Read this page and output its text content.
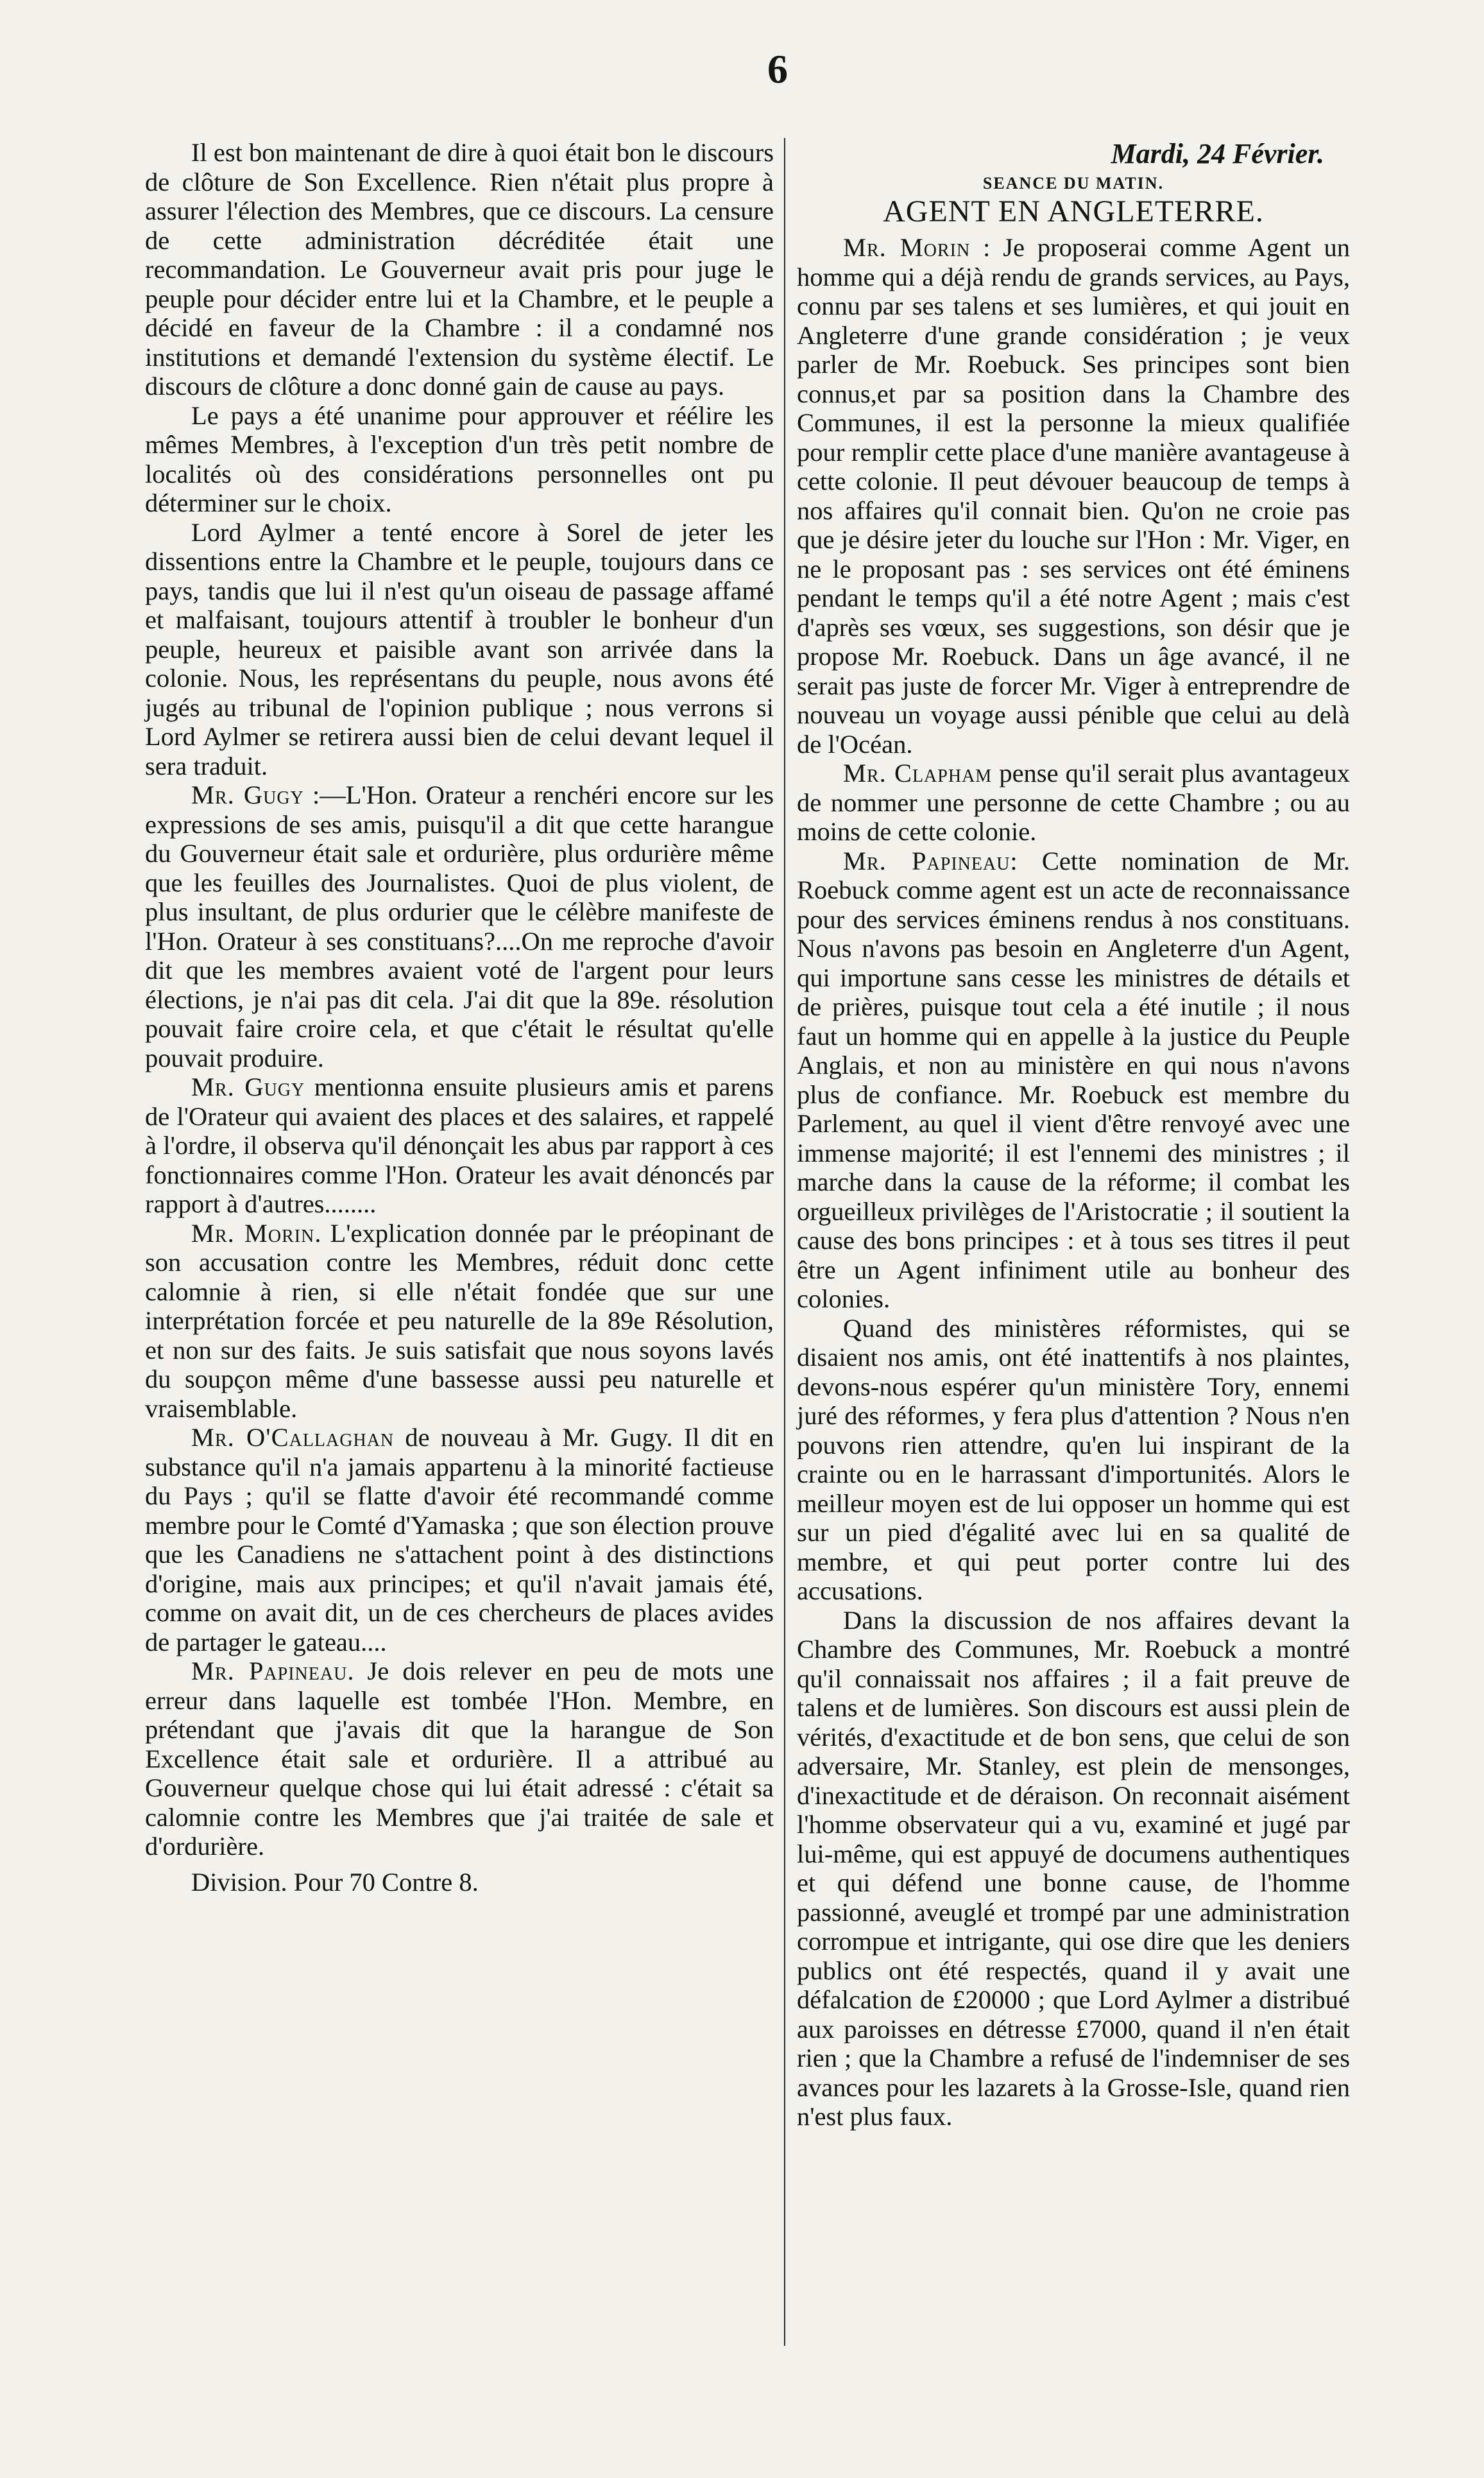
6

Il est bon maintenant de dire à quoi était bon le discours de clôture de Son Excellence. Rien n'était plus propre à assurer l'élection des Membres, que ce discours. La censure de cette administration décréditée était une recommandation. Le Gouverneur avait pris pour juge le peuple pour décider entre lui et la Chambre, et le peuple a décidé en faveur de la Chambre : il a condamné nos institutions et demandé l'extension du système électif. Le discours de clôture a donc donné gain de cause au pays.

Le pays a été unanime pour approuver et réélire les mêmes Membres, à l'exception d'un très petit nombre de localités où des considérations personnelles ont pu déterminer sur le choix.

Lord Aylmer a tenté encore à Sorel de jeter les dissentions entre la Chambre et le peuple, toujours dans ce pays, tandis que lui il n'est qu'un oiseau de passage affamé et malfaisant, toujours attentif à troubler le bonheur d'un peuple, heureux et paisible avant son arrivée dans la colonie. Nous, les représentans du peuple, nous avons été jugés au tribunal de l'opinion publique ; nous verrons si Lord Aylmer se retirera aussi bien de celui devant lequel il sera traduit.

Mr. Gugy :—L'Hon. Orateur a renchéri encore sur les expressions de ses amis, puisqu'il a dit que cette harangue du Gouverneur était sale et ordurière, plus ordurière même que les feuilles des Journalistes. Quoi de plus violent, de plus insultant, de plus ordurier que le célèbre manifeste de l'Hon. Orateur à ses constituans?....On me reproche d'avoir dit que les membres avaient voté de l'argent pour leurs élections, je n'ai pas dit cela. J'ai dit que la 89e. résolution pouvait faire croire cela, et que c'était le résultat qu'elle pouvait produire.

Mr. Gugy mentionna ensuite plusieurs amis et parens de l'Orateur qui avaient des places et des salaires, et rappelé à l'ordre, il observa qu'il dénonçait les abus par rapport à ces fonctionnaires comme l'Hon. Orateur les avait dénoncés par rapport à d'autres........

Mr. Morin. L'explication donnée par le préopinant de son accusation contre les Membres, réduit donc cette calomnie à rien, si elle n'était fondée que sur une interprétation forcée et peu naturelle de la 89e Résolution, et non sur des faits. Je suis satisfait que nous soyons lavés du soupçon même d'une bassesse aussi peu naturelle et vraisemblable.

Mr. O'Callaghan de nouveau à Mr. Gugy. Il dit en substance qu'il n'a jamais appartenu à la minorité factieuse du Pays ; qu'il se flatte d'avoir été recommandé comme membre pour le Comté d'Yamaska ; que son élection prouve que les Canadiens ne s'attachent point à des distinctions d'origine, mais aux principes; et qu'il n'avait jamais été, comme on avait dit, un de ces chercheurs de places avides de partager le gateau....

Mr. Papineau. Je dois relever en peu de mots une erreur dans laquelle est tombée l'Hon. Membre, en prétendant que j'avais dit que la harangue de Son Excellence était sale et ordurière. Il a attribué au Gouverneur quelque chose qui lui était adressé : c'était sa calomnie contre les Membres que j'ai traitée de sale et d'ordurière.

Division. Pour 70 Contre 8.

Mardi, 24 Février.
SEANCE DU MATIN.
AGENT EN ANGLETERRE.

Mr. Morin : Je proposerai comme Agent un homme qui a déjà rendu de grands services, au Pays, connu par ses talens et ses lumières, et qui jouit en Angleterre d'une grande considération ; je veux parler de Mr. Roebuck. Ses principes sont bien connus,et par sa position dans la Chambre des Communes, il est la personne la mieux qualifiée pour remplir cette place d'une manière avantageuse à cette colonie. Il peut dévouer beaucoup de temps à nos affaires qu'il connait bien. Qu'on ne croie pas que je désire jeter du louche sur l'Hon : Mr. Viger, en ne le proposant pas : ses services ont été éminens pendant le temps qu'il a été notre Agent ; mais c'est d'après ses vœux, ses suggestions, son désir que je propose Mr. Roebuck. Dans un âge avancé, il ne serait pas juste de forcer Mr. Viger à entreprendre de nouveau un voyage aussi pénible que celui au delà de l'Océan.

Mr. Clapham pense qu'il serait plus avantageux de nommer une personne de cette Chambre ; ou au moins de cette colonie.

Mr. Papineau: Cette nomination de Mr. Roebuck comme agent est un acte de reconnaissance pour des services éminens rendus à nos constituans. Nous n'avons pas besoin en Angleterre d'un Agent, qui importune sans cesse les ministres de détails et de prières, puisque tout cela a été inutile ; il nous faut un homme qui en appelle à la justice du Peuple Anglais, et non au ministère en qui nous n'avons plus de confiance. Mr. Roebuck est membre du Parlement, au quel il vient d'être renvoyé avec une immense majorité; il est l'ennemi des ministres ; il marche dans la cause de la réforme; il combat les orgueilleux privilèges de l'Aristocratie ; il soutient la cause des bons principes : et à tous ses titres il peut être un Agent infiniment utile au bonheur des colonies.

Quand des ministères réformistes, qui se disaient nos amis, ont été inattentifs à nos plaintes, devons-nous espérer qu'un ministère Tory, ennemi juré des réformes, y fera plus d'attention ? Nous n'en pouvons rien attendre, qu'en lui inspirant de la crainte ou en le harrassant d'importunités. Alors le meilleur moyen est de lui opposer un homme qui est sur un pied d'égalité avec lui en sa qualité de membre, et qui peut porter contre lui des accusations.

Dans la discussion de nos affaires devant la Chambre des Communes, Mr. Roebuck a montré qu'il connaissait nos affaires ; il a fait preuve de talens et de lumières. Son discours est aussi plein de vérités, d'exactitude et de bon sens, que celui de son adversaire, Mr. Stanley, est plein de mensonges, d'inexactitude et de déraison. On reconnait aisément l'homme observateur qui a vu, examiné et jugé par lui-même, qui est appuyé de documens authentiques et qui défend une bonne cause, de l'homme passionné, aveuglé et trompé par une administration corrompue et intrigante, qui ose dire que les deniers publics ont été respectés, quand il y avait une défalcation de £20000 ; que Lord Aylmer a distribué aux paroisses en détresse £7000, quand il n'en était rien ; que la Chambre a refusé de l'indemniser de ses avances pour les lazarets à la Grosse-Isle, quand rien n'est plus faux.
